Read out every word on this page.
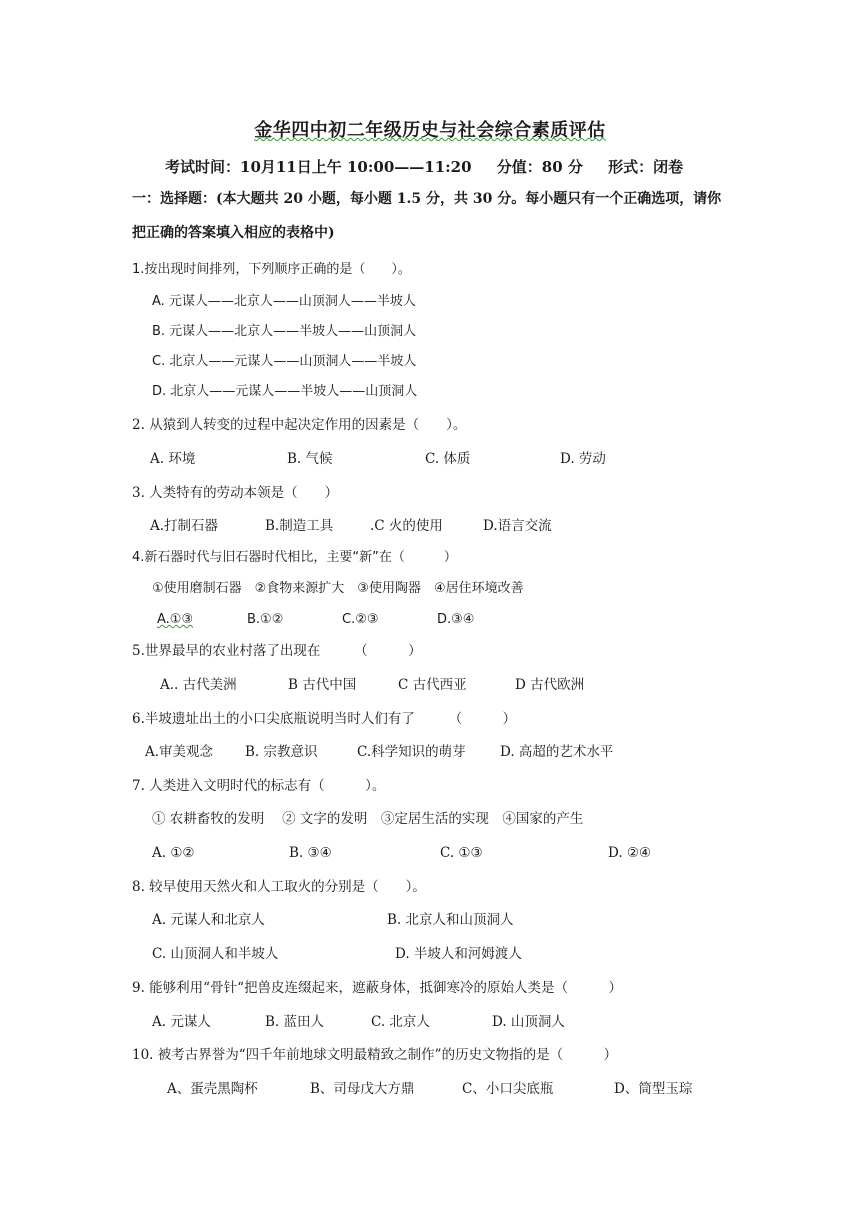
金华四中初二年级历史与社会综合素质评估
考试时间：10月11日上午 10:00——11:20 分值：80 分 形式：闭卷
一：选择题：(本大题共 20 小题，每小题 1.5 分，共 30 分。每小题只有一个正确选项，请你
把正确的答案填入相应的表格中)
1.按出现时间排列，下列顺序正确的是（　　）。
A. 元谋人——北京人——山顶洞人——半坡人
B. 元谋人——北京人——半坡人——山顶洞人
C. 北京人——元谋人——山顶洞人——半坡人
D. 北京人——元谋人——半坡人——山顶洞人
2. 从猿到人转变的过程中起决定作用的因素是（　　）。
A. 环境	B. 气候	C. 体质	D. 劳动
3. 人类特有的劳动本领是（　　）
A.打制石器	B.制造工具	.C 火的使用	D.语言交流
4.新石器时代与旧石器时代相比，主要“新”在（　　　）
①使用磨制石器　②食物来源扩大　③使用陶器　④居住环境改善
A.①③	B.①②	C.②③	D.③④
5.世界最早的农业村落了出现在　　　（　　　）
A.. 古代美洲	B 古代中国	C 古代西亚	D 古代欧洲
6.半坡遗址出土的小口尖底瓶说明当时人们有了　　　（　　　）
A.审美观念 B. 宗教意识	C.科学知识的萌芽	D. 高超的艺术水平
7. 人类进入文明时代的标志有（　　　）。
① 农耕畜牧的发明　 ② 文字的发明　③定居生活的实现　④国家的产生
A. ①②	B. ③④	C. ①③	D. ②④
8. 较早使用天然火和人工取火的分别是（　　）。
A. 元谋人和北京人	B. 北京人和山顶洞人
C. 山顶洞人和半坡人	D. 半坡人和河姆渡人
9. 能够利用“骨针“把兽皮连缀起来，遮蔽身体，抵御寒冷的原始人类是（　　　）
A. 元谋人	B. 蓝田人	C. 北京人	D. 山顶洞人
10. 被考古界誉为“四千年前地球文明最精致之制作”的历史文物指的是（　　　）
A、蛋壳黑陶杯	B、司母戊大方鼎	C、小口尖底瓶	D、筒型玉琮
